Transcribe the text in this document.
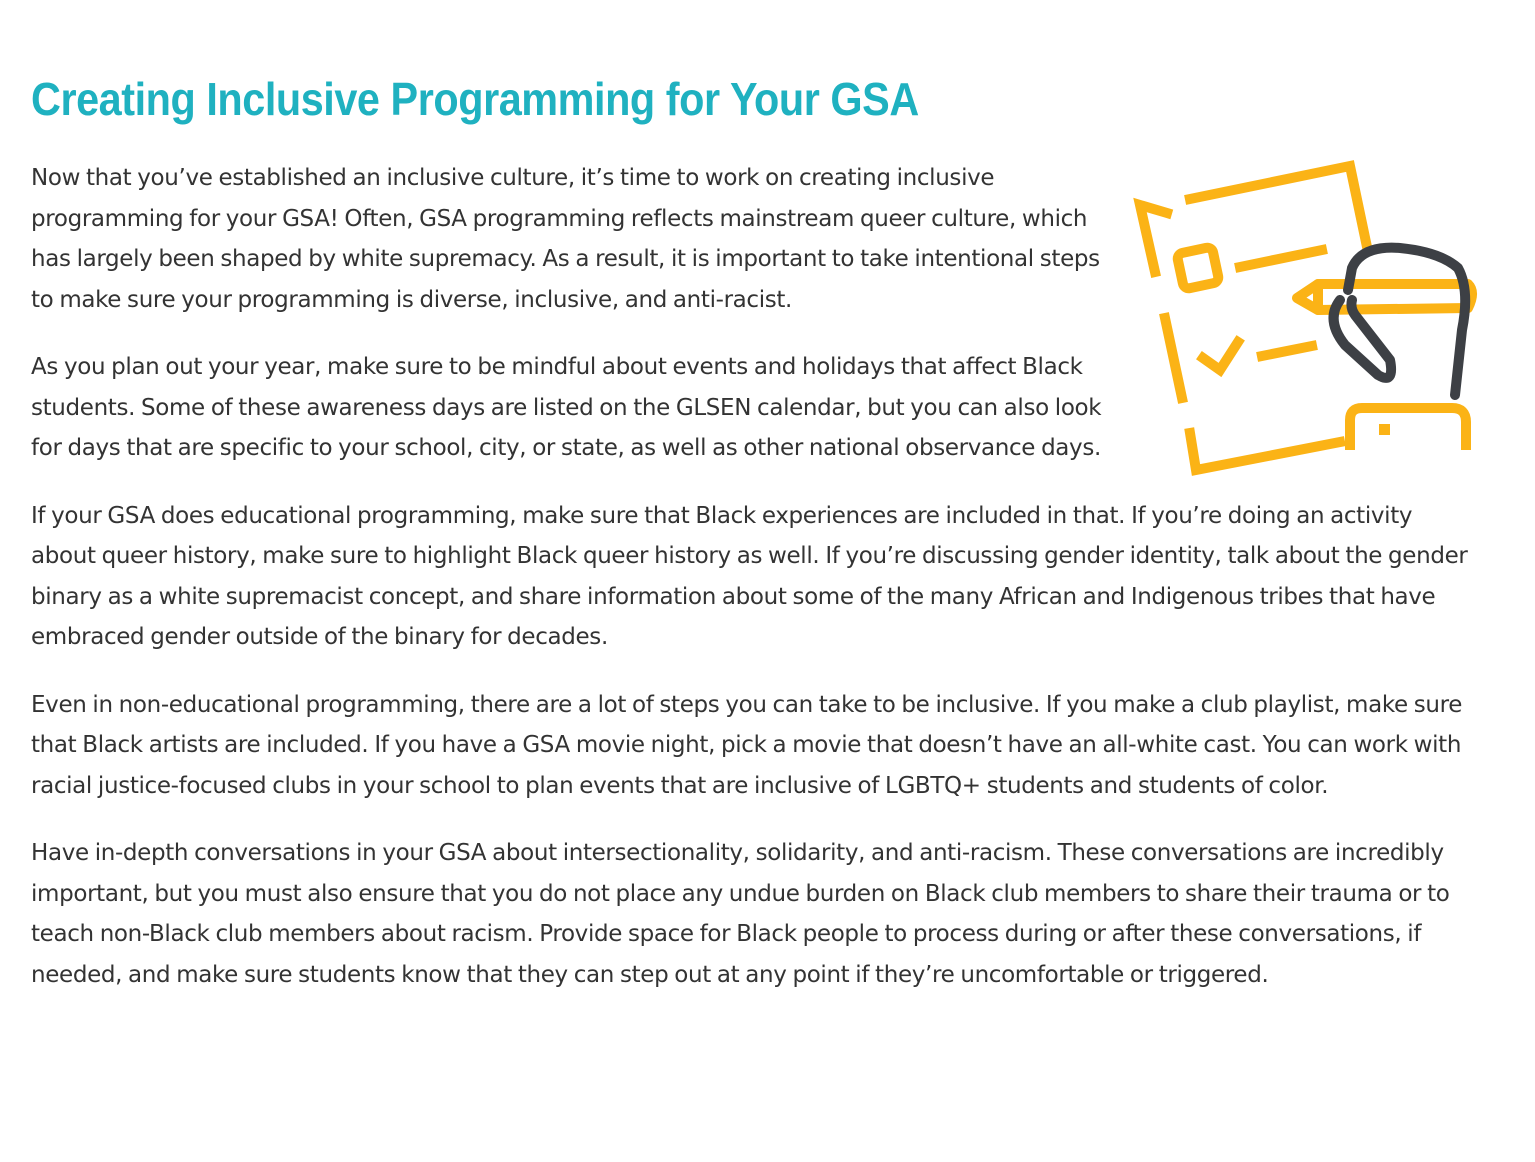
Creating Inclusive Programming for Your GSA

Now that you’ve established an inclusive culture, it’s time to work on creating inclusive programming for your GSA! Often, GSA programming reflects mainstream queer culture, which has largely been shaped by white supremacy. As a result, it is important to take intentional steps to make sure your programming is diverse, inclusive, and anti-racist.

As you plan out your year, make sure to be mindful about events and holidays that affect Black students. Some of these awareness days are listed on the GLSEN calendar, but you can also look for days that are specific to your school, city, or state, as well as other national observance days.

If your GSA does educational programming, make sure that Black experiences are included in that. If you’re doing an activity about queer history, make sure to highlight Black queer history as well. If you’re discussing gender identity, talk about the gender binary as a white supremacist concept, and share information about some of the many African and Indigenous tribes that have embraced gender outside of the binary for decades.

Even in non-educational programming, there are a lot of steps you can take to be inclusive. If you make a club playlist, make sure that Black artists are included. If you have a GSA movie night, pick a movie that doesn’t have an all-white cast. You can work with racial justice-focused clubs in your school to plan events that are inclusive of LGBTQ+ students and students of color.

Have in-depth conversations in your GSA about intersectionality, solidarity, and anti-racism. These conversations are incredibly important, but you must also ensure that you do not place any undue burden on Black club members to share their trauma or to teach non-Black club members about racism. Provide space for Black people to process during or after these conversations, if needed, and make sure students know that they can step out at any point if they’re uncomfortable or triggered.
